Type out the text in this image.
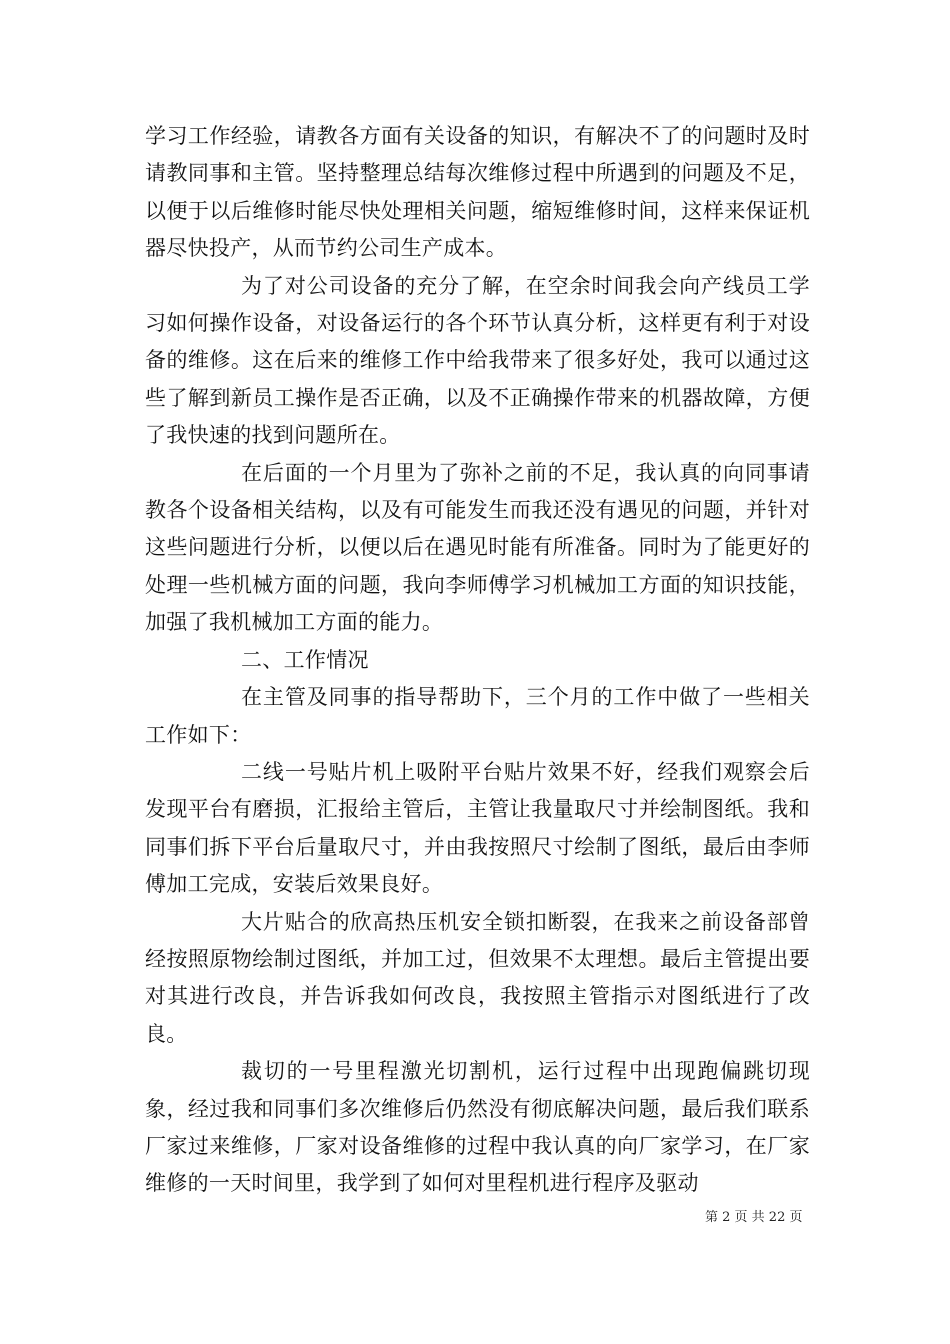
学习工作经验，请教各方面有关设备的知识，有解决不了的问题时及时请教同事和主管。坚持整理总结每次维修过程中所遇到的问题及不足，以便于以后维修时能尽快处理相关问题，缩短维修时间，这样来保证机器尽快投产，从而节约公司生产成本。

为了对公司设备的充分了解，在空余时间我会向产线员工学习如何操作设备，对设备运行的各个环节认真分析，这样更有利于对设备的维修。这在后来的维修工作中给我带来了很多好处，我可以通过这些了解到新员工操作是否正确，以及不正确操作带来的机器故障，方便了我快速的找到问题所在。

在后面的一个月里为了弥补之前的不足，我认真的向同事请教各个设备相关结构，以及有可能发生而我还没有遇见的问题，并针对这些问题进行分析，以便以后在遇见时能有所准备。同时为了能更好的处理一些机械方面的问题，我向李师傅学习机械加工方面的知识技能，加强了我机械加工方面的能力。

二、工作情况

在主管及同事的指导帮助下，三个月的工作中做了一些相关工作如下：

二线一号贴片机上吸附平台贴片效果不好，经我们观察会后发现平台有磨损，汇报给主管后，主管让我量取尺寸并绘制图纸。我和同事们拆下平台后量取尺寸，并由我按照尺寸绘制了图纸，最后由李师傅加工完成，安装后效果良好。

大片贴合的欣高热压机安全锁扣断裂，在我来之前设备部曾经按照原物绘制过图纸，并加工过，但效果不太理想。最后主管提出要对其进行改良，并告诉我如何改良，我按照主管指示对图纸进行了改良。

裁切的一号里程激光切割机，运行过程中出现跑偏跳切现象，经过我和同事们多次维修后仍然没有彻底解决问题，最后我们联系厂家过来维修，厂家对设备维修的过程中我认真的向厂家学习，在厂家维修的一天时间里，我学到了如何对里程机进行程序及驱动

第 2 页 共 22 页
